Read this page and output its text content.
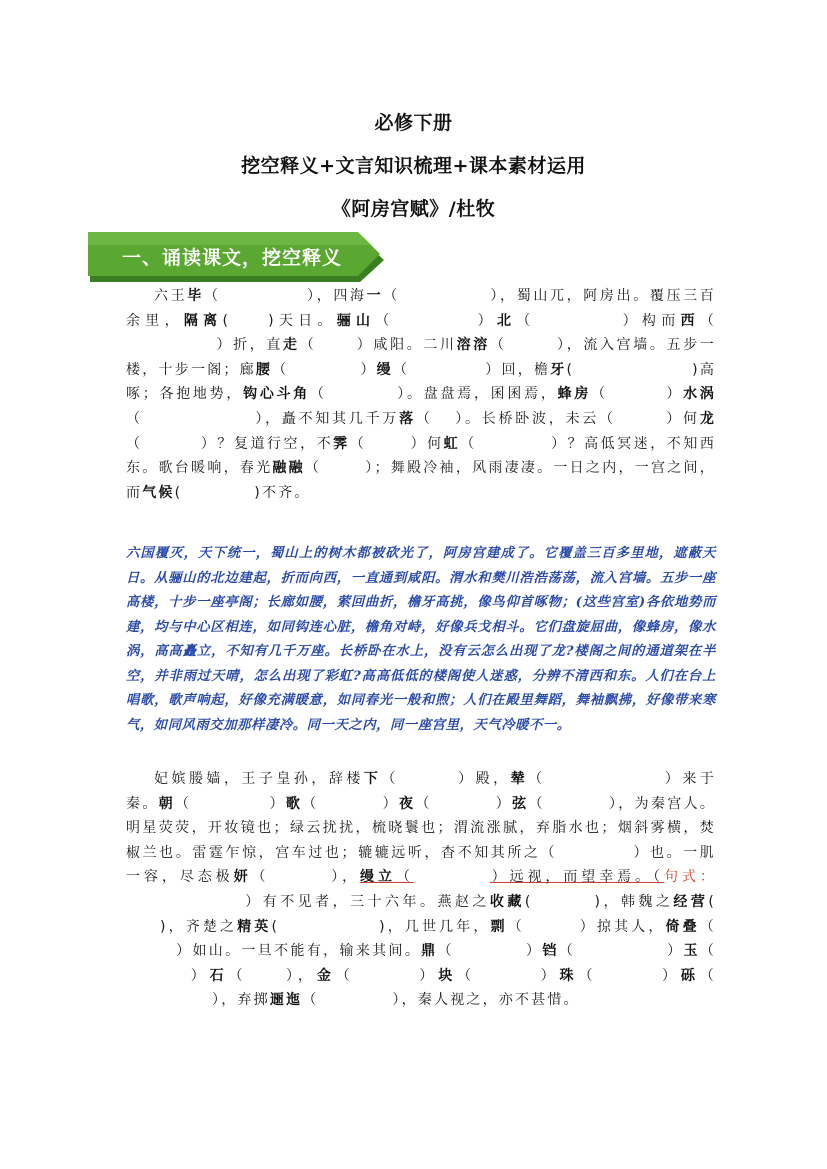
必修下册
挖空释义+文言知识梳理+课本素材运用
《阿房宫赋》/杜牧
一、诵读课文，挖空释义

六王毕（	），四海一（	），蜀山兀，阿房出。覆压三百余里，隔离(	)天日。骊山（	）北（	）构而西（）折，直走（	）咸阳。二川溶溶（	），流入宫墙。五步一楼，十步一阁；廊腰（	）缦（	）回，檐牙(	)高啄；各抱地势，钩心斗角（	）。盘盘焉，囷囷焉，蜂房（	）水涡（	），矗不知其几千万落（ ）。长桥卧波，未云（	）何龙（	）？复道行空，不霁（	）何虹（	）？高低冥迷，不知西东。歌台暖响，春光融融（	）；舞殿冷袖，风雨凄凄。一日之内，一宫之间，而气候(	)不齐。

六国覆灭，天下统一，蜀山上的树木都被砍光了，阿房宫建成了。它覆盖三百多里地，遮蔽天日。从骊山的北边建起，折而向西，一直通到咸阳。渭水和樊川浩浩荡荡，流入宫墙。五步一座高楼，十步一座亭阁；长廊如腰，萦回曲折，檐牙高挑，像鸟仰首啄物；(这些宫室)各依地势而建，均与中心区相连，如同钩连心脏，檐角对峙，好像兵戈相斗。它们盘旋屈曲，像蜂房，像水涡，高高矗立，不知有几千万座。长桥卧在水上，没有云怎么出现了龙?楼阁之间的通道架在半空，并非雨过天晴，怎么出现了彩虹?高高低低的楼阁使人迷惑，分辨不清西和东。人们在台上唱歌，歌声响起，好像充满暖意，如同春光一般和煦；人们在殿里舞蹈，舞袖飘拂，好像带来寒气，如同风雨交加那样凄冷。同一天之内，同一座宫里，天气冷暖不一。

妃嫔媵嫱，王子皇孙，辞楼下（	）殿，辇（	）来于秦。朝（	）歌（	）夜（	）弦（	），为秦宫人。明星荧荧，开妆镜也；绿云扰扰，梳晓鬟也；渭流涨腻，弃脂水也；烟斜雾横，焚椒兰也。雷霆乍惊，宫车过也；辘辘远听，杳不知其所之（	）也。一肌一容，尽态极妍（	），缦立（	）远视，而望幸焉。（句式：）有不见者，三十六年。燕赵之收藏(	)，韩魏之经营()，齐楚之精英(	)，几世几年，剽（	）掠其人，倚叠（）如山。一旦不能有，输来其间。鼎（	）铛（	）玉（）石（	），金（	）块（	）珠（	）砾（），弃掷逦迤（	），秦人视之，亦不甚惜。
